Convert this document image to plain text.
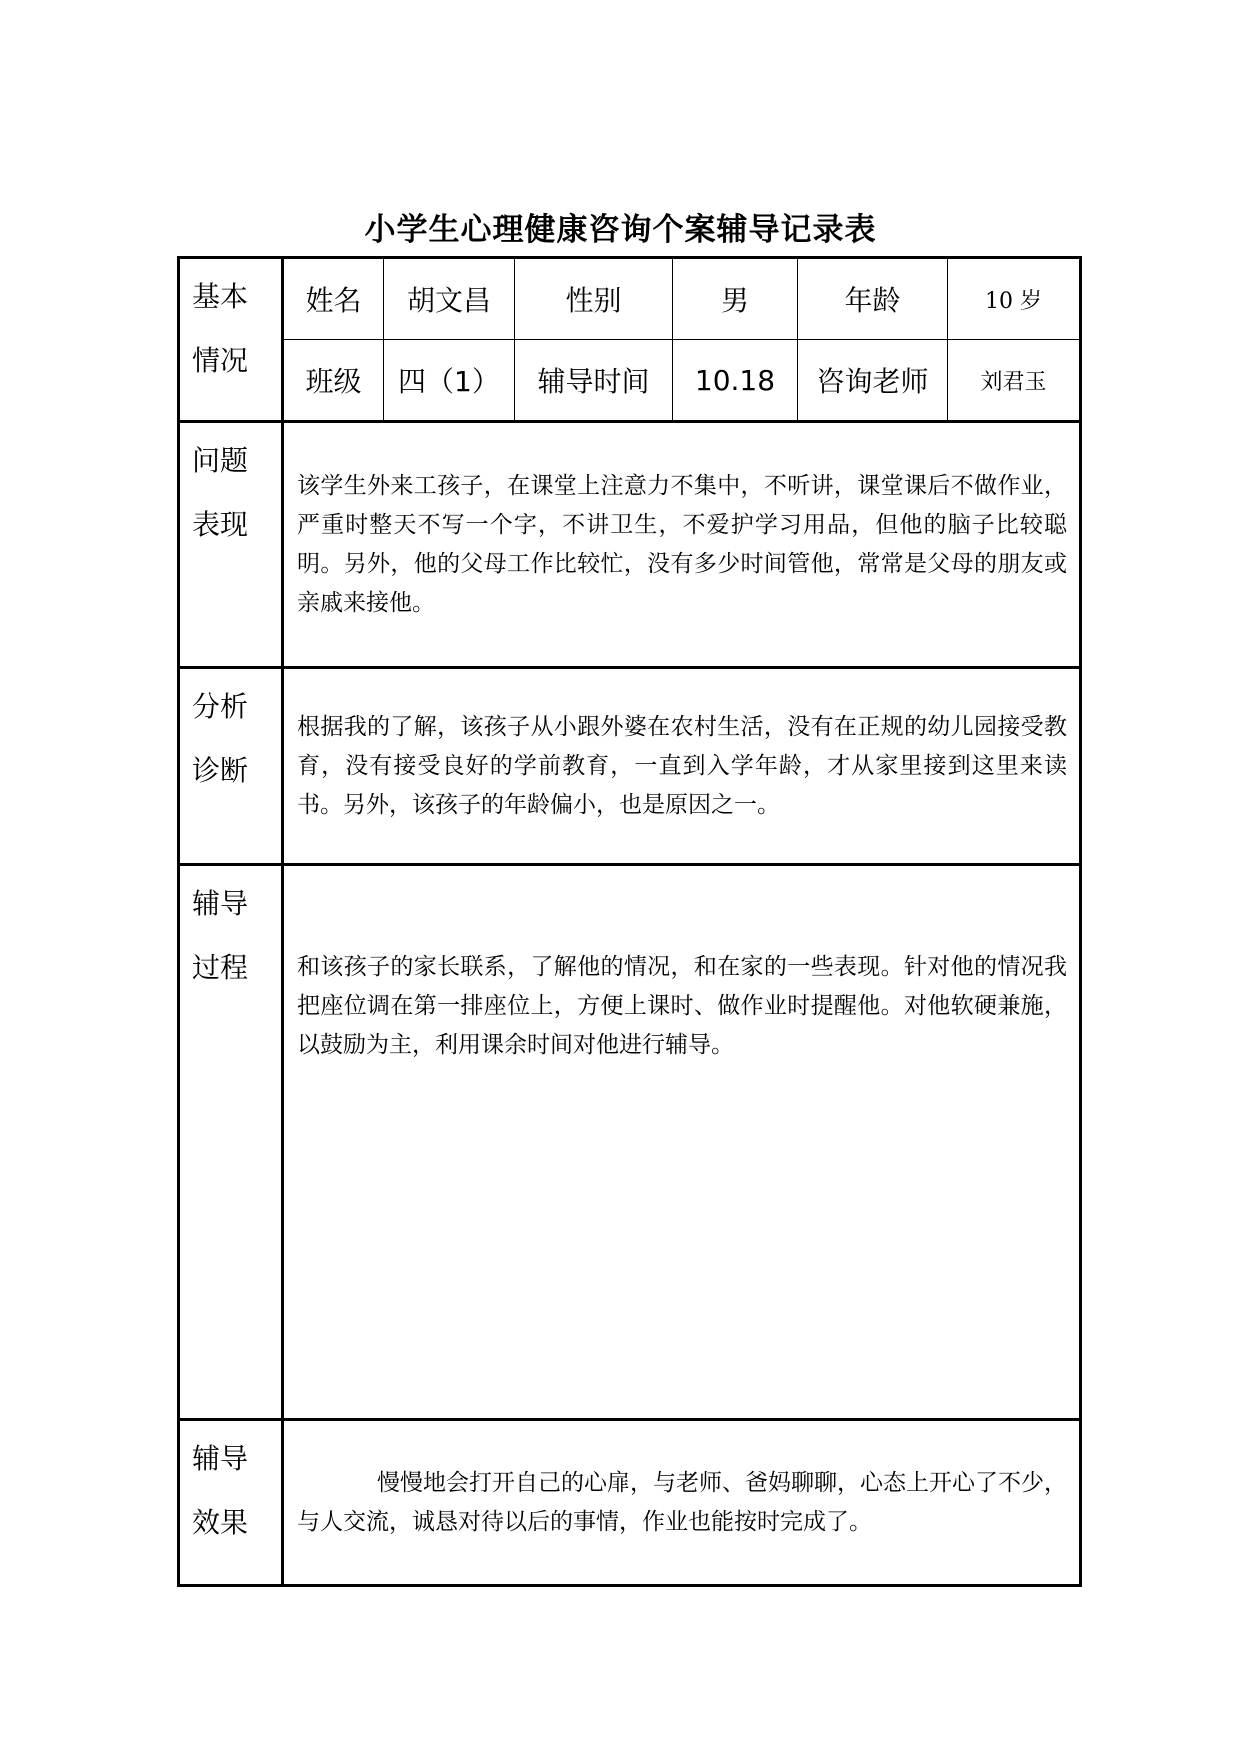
小学生心理健康咨询个案辅导记录表
基本
情况	姓名	胡文昌	性别	男	年龄	10 岁
	班级	四（1）	辅导时间	10.18	咨询老师	刘君玉

问题
表现	该学生外来工孩子，在课堂上注意力不集中，不听讲，课堂课后不做作业，严重时整天不写一个字，不讲卫生，不爱护学习用品，但他的脑子比较聪明。另外，他的父母工作比较忙，没有多少时间管他，常常是父母的朋友或亲戚来接他。					

分析
诊断	根据我的了解，该孩子从小跟外婆在农村生活，没有在正规的幼儿园接受教育，没有接受良好的学前教育，一直到入学年龄，才从家里接到这里来读书。另外，该孩子的年龄偏小，也是原因之一。					

辅导
过程	和该孩子的家长联系，了解他的情况，和在家的一些表现。针对他的情况我把座位调在第一排座位上，方便上课时、做作业时提醒他。对他软硬兼施，以鼓励为主，利用课余时间对他进行辅导。					

辅导
效果	慢慢地会打开自己的心扉，与老师、爸妈聊聊，心态上开心了不少，与人交流，诚恳对待以后的事情，作业也能按时完成了。					
